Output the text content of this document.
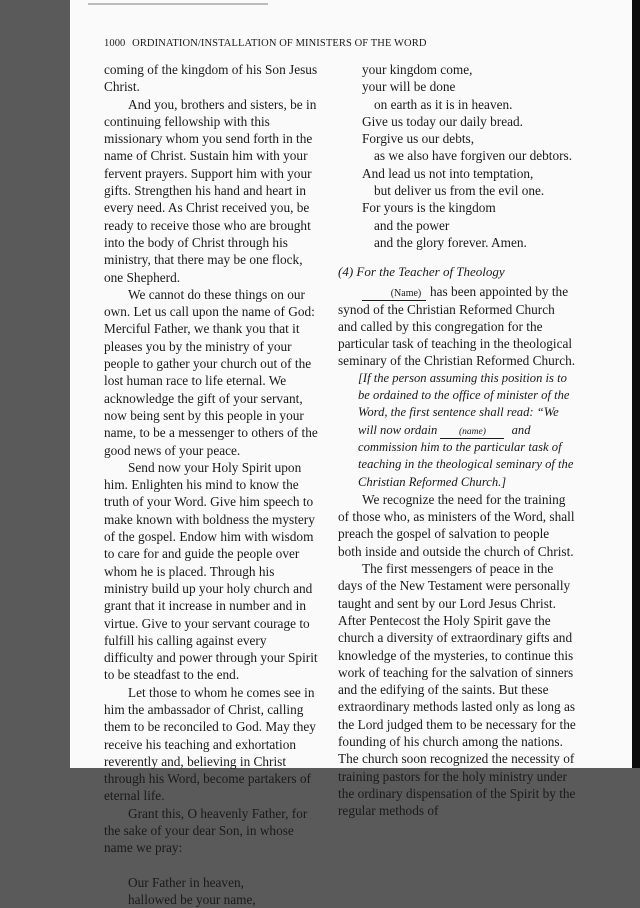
1000 ORDINATION/INSTALLATION OF MINISTERS OF THE WORD

coming of the kingdom of his Son Jesus Christ.

And you, brothers and sisters, be in continuing fellowship with this missionary whom you send forth in the name of Christ. Sustain him with your fervent prayers. Support him with your gifts. Strengthen his hand and heart in every need. As Christ received you, be ready to receive those who are brought into the body of Christ through his ministry, that there may be one flock, one Shepherd.

We cannot do these things on our own. Let us call upon the name of God: Merciful Father, we thank you that it pleases you by the ministry of your people to gather your church out of the lost human race to life eternal. We acknowledge the gift of your servant, now being sent by this people in your name, to be a messenger to others of the good news of your peace.

Send now your Holy Spirit upon him. Enlighten his mind to know the truth of your Word. Give him speech to make known with boldness the mystery of the gospel. Endow him with wisdom to care for and guide the people over whom he is placed. Through his ministry build up your holy church and grant that it increase in number and in virtue. Give to your servant courage to fulfill his calling against every difficulty and power through your Spirit to be steadfast to the end.

Let those to whom he comes see in him the ambassador of Christ, calling them to be reconciled to God. May they receive his teaching and exhortation reverently and, believing in Christ through his Word, become partakers of eternal life.

Grant this, O heavenly Father, for the sake of your dear Son, in whose name we pray:

Our Father in heaven,

hallowed be your name,

your kingdom come,

your will be done

on earth as it is in heaven.

Give us today our daily bread.

Forgive us our debts,

as we also have forgiven our debtors.

And lead us not into temptation,

but deliver us from the evil one.

For yours is the kingdom

and the power

and the glory forever. Amen.

(4) For the Teacher of Theology

(Name) has been appointed by the synod of the Christian Reformed Church and called by this congregation for the particular task of teaching in the theological seminary of the Christian Reformed Church.

[If the person assuming this position is to be ordained to the office of minister of the Word, the first sentence shall read: “We will now ordain (name) and commission him to the particular task of teaching in the theological seminary of the Christian Reformed Church.]

We recognize the need for the training of those who, as ministers of the Word, shall preach the gospel of salvation to people both inside and outside the church of Christ.

The first messengers of peace in the days of the New Testament were personally taught and sent by our Lord Jesus Christ. After Pentecost the Holy Spirit gave the church a diversity of extraordinary gifts and knowledge of the mysteries, to continue this work of teaching for the salvation of sinners and the edifying of the saints. But these extraordinary methods lasted only as long as the Lord judged them to be necessary for the founding of his church among the nations. The church soon recognized the necessity of training pastors for the holy ministry under the ordinary dispensation of the Spirit by the regular methods of
